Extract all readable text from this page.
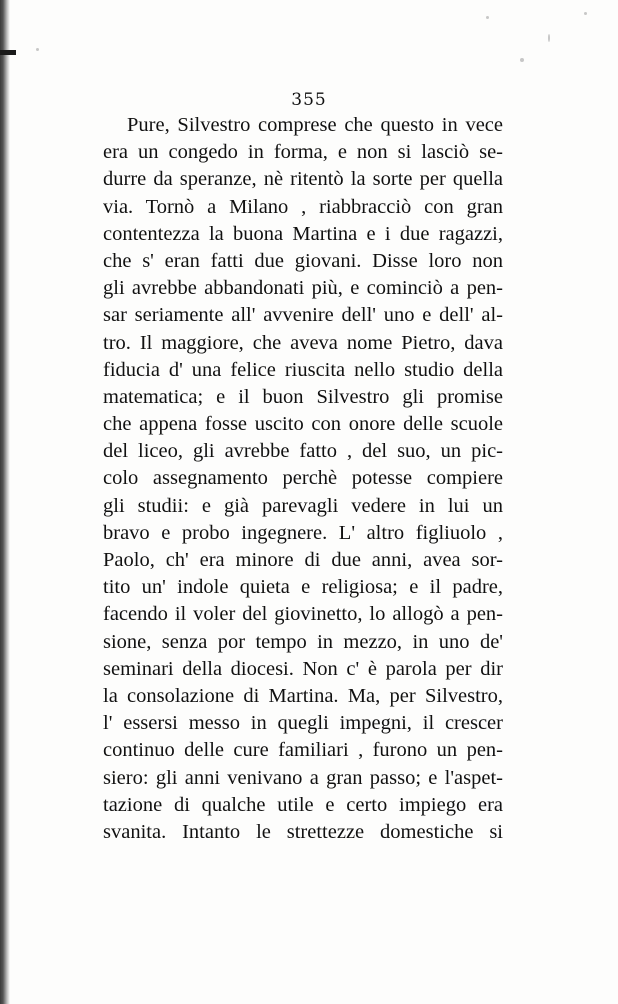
355

Pure, Silvestro comprese che questo in vece
era un congedo in forma, e non si lasciò se-
durre da speranze, nè ritentò la sorte per quella
via. Tornò a Milano , riabbracciò con gran
contentezza la buona Martina e i due ragazzi,
che s' eran fatti due giovani. Disse loro non
gli avrebbe abbandonati più, e cominciò a pen-
sar seriamente all' avvenire dell' uno e dell' al-
tro. Il maggiore, che aveva nome Pietro, dava
fiducia d' una felice riuscita nello studio della
matematica; e il buon Silvestro gli promise
che appena fosse uscito con onore delle scuole
del liceo, gli avrebbe fatto , del suo, un pic-
colo assegnamento perchè potesse compiere
gli studii: e già parevagli vedere in lui un
bravo e probo ingegnere. L' altro figliuolo ,
Paolo, ch' era minore di due anni, avea sor-
tito un' indole quieta e religiosa; e il padre,
facendo il voler del giovinetto, lo allogò a pen-
sione, senza por tempo in mezzo, in uno de'
seminari della diocesi. Non c' è parola per dir
la consolazione di Martina. Ma, per Silvestro,
l' essersi messo in quegli impegni, il crescer
continuo delle cure familiari , furono un pen-
siero: gli anni venivano a gran passo; e l'aspet-
tazione di qualche utile e certo impiego era
svanita. Intanto le strettezze domestiche si
